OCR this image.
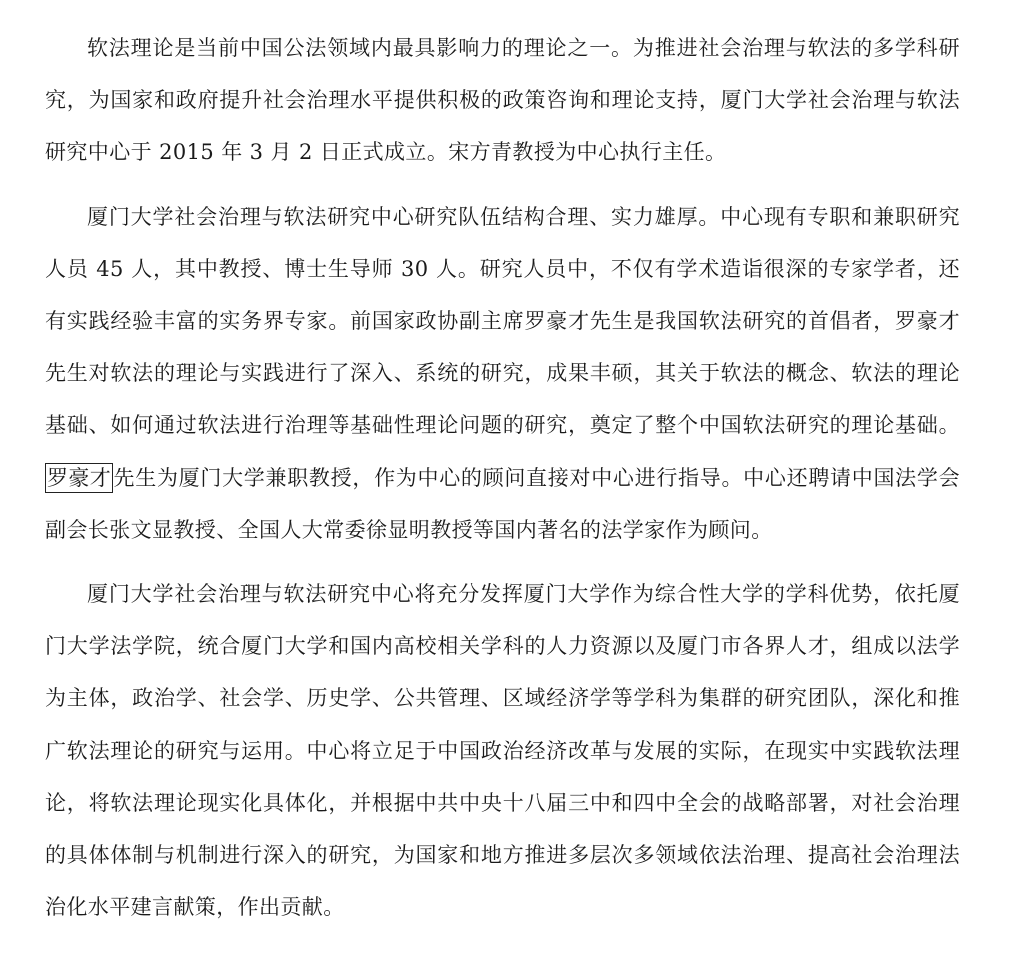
软法理论是当前中国公法领域内最具影响力的理论之一。为推进社会治理与软法的多学科研究，为国家和政府提升社会治理水平提供积极的政策咨询和理论支持，厦门大学社会治理与软法研究中心于 2015 年 3 月 2 日正式成立。宋方青教授为中心执行主任。

厦门大学社会治理与软法研究中心研究队伍结构合理、实力雄厚。中心现有专职和兼职研究人员 45 人，其中教授、博士生导师 30 人。研究人员中，不仅有学术造诣很深的专家学者，还有实践经验丰富的实务界专家。前国家政协副主席罗豪才先生是我国软法研究的首倡者，罗豪才先生对软法的理论与实践进行了深入、系统的研究，成果丰硕，其关于软法的概念、软法的理论基础、如何通过软法进行治理等基础性理论问题的研究，奠定了整个中国软法研究的理论基础。罗豪才先生为厦门大学兼职教授，作为中心的顾问直接对中心进行指导。中心还聘请中国法学会副会长张文显教授、全国人大常委徐显明教授等国内著名的法学家作为顾问。

厦门大学社会治理与软法研究中心将充分发挥厦门大学作为综合性大学的学科优势，依托厦门大学法学院，统合厦门大学和国内高校相关学科的人力资源以及厦门市各界人才，组成以法学为主体，政治学、社会学、历史学、公共管理、区域经济学等学科为集群的研究团队，深化和推广软法理论的研究与运用。中心将立足于中国政治经济改革与发展的实际，在现实中实践软法理论，将软法理论现实化具体化，并根据中共中央十八届三中和四中全会的战略部署，对社会治理的具体体制与机制进行深入的研究，为国家和地方推进多层次多领域依法治理、提高社会治理法治化水平建言献策，作出贡献。
